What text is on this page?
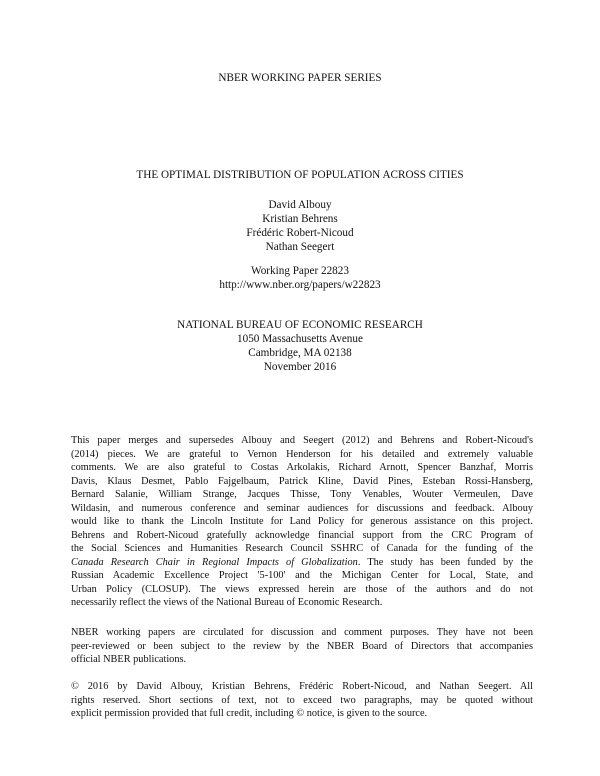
NBER WORKING PAPER SERIES
THE OPTIMAL DISTRIBUTION OF POPULATION ACROSS CITIES
David Albouy
Kristian Behrens
Frédéric Robert-Nicoud
Nathan Seegert
Working Paper 22823
http://www.nber.org/papers/w22823
NATIONAL BUREAU OF ECONOMIC RESEARCH
1050 Massachusetts Avenue
Cambridge, MA 02138
November 2016

This paper merges and supersedes Albouy and Seegert (2012) and Behrens and Robert-Nicoud's
(2014) pieces. We are grateful to Vernon Henderson for his detailed and extremely valuable
comments. We are also grateful to Costas Arkolakis, Richard Arnott, Spencer Banzhaf, Morris
Davis, Klaus Desmet, Pablo Fajgelbaum, Patrick Kline, David Pines, Esteban Rossi-Hansberg,
Bernard Salanie, William Strange, Jacques Thisse, Tony Venables, Wouter Vermeulen, Dave
Wildasin, and numerous conference and seminar audiences for discussions and feedback. Albouy
would like to thank the Lincoln Institute for Land Policy for generous assistance on this project.
Behrens and Robert-Nicoud gratefully acknowledge financial support from the CRC Program of
the Social Sciences and Humanities Research Council SSHRC of Canada for the funding of the
Canada Research Chair in Regional Impacts of Globalization. The study has been funded by the
Russian Academic Excellence Project '5-100' and the Michigan Center for Local, State, and
Urban Policy (CLOSUP). The views expressed herein are those of the authors and do not
necessarily reflect the views of the National Bureau of Economic Research.

NBER working papers are circulated for discussion and comment purposes. They have not been
peer-reviewed or been subject to the review by the NBER Board of Directors that accompanies
official NBER publications.

© 2016 by David Albouy, Kristian Behrens, Frédéric Robert-Nicoud, and Nathan Seegert. All
rights reserved. Short sections of text, not to exceed two paragraphs, may be quoted without
explicit permission provided that full credit, including © notice, is given to the source.
